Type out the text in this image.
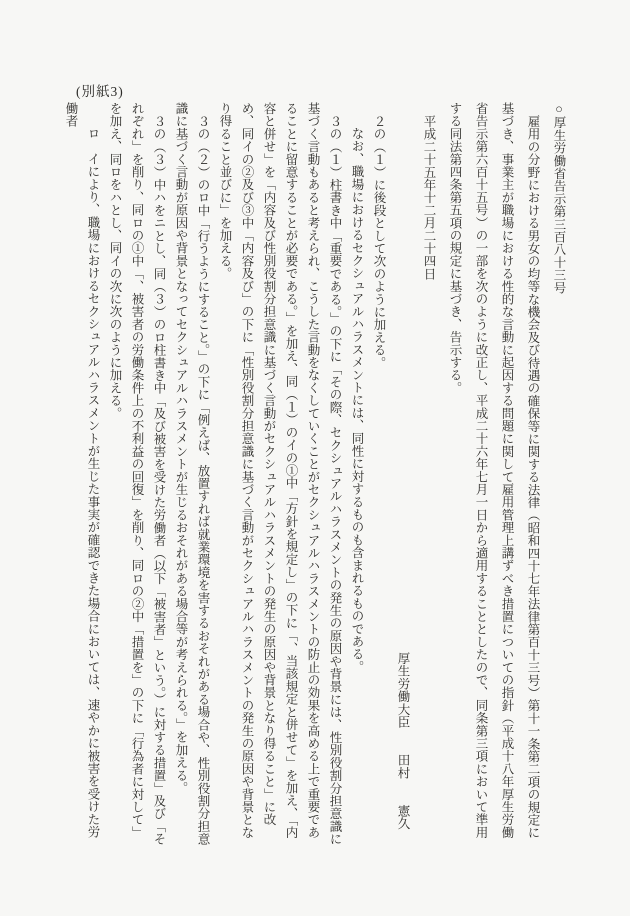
(別紙3)

○厚生労働省告示第三百八十三号

雇用の分野における男女の均等な機会及び待遇の確保等に関する法律（昭和四十七年法律第百十三号）第十一条第二項の規定に基づき、事業主が職場における性的な言動に起因する問題に関して雇用管理上講ずべき措置についての指針（平成十八年厚生労働省告示第六百十五号）の一部を次のように改正し、平成二十六年七月一日から適用することとしたので、同条第三項において準用する同法第四条第五項の規定に基づき、告示する。

平成二十五年十二月二十四日

厚生労働大臣　　田村　　憲久

２の（１）に後段として次のように加える。

なお、職場におけるセクシュアルハラスメントには、同性に対するものも含まれるものである。

３の（１）柱書き中「重要である。」の下に「その際、セクシュアルハラスメントの発生の原因や背景には、性別役割分担意識に基づく言動もあると考えられ、こうした言動をなくしていくことがセクシュアルハラスメントの防止の効果を高める上で重要であることに留意することが必要である。」を加え、同（１）のイの①中「方針を規定し」の下に「、当該規定と併せて」を加え、「内容と併せ」を「内容及び性別役割分担意識に基づく言動がセクシュアルハラスメントの発生の原因や背景となり得ること」に改め、同イの②及び③中「内容及び」の下に「性別役割分担意識に基づく言動がセクシュアルハラスメントの発生の原因や背景となり得ること並びに」を加える。

３の（２）のロ中「行うようにすること。」の下に「例えば、放置すれば就業環境を害するおそれがある場合や、性別役割分担意識に基づく言動が原因や背景となってセクシュアルハラスメントが生じるおそれがある場合等が考えられる。」を加える。

３の（３）中ハをニとし、同（３）のロ柱書き中「及び被害を受けた労働者（以下「被害者」という。）に対する措置」及び「それぞれ」を削り、同ロの①中「、被害者の労働条件上の不利益の回復」を削り、同ロの②中「措置を」の下に「行為者に対して」を加え、同ロをハとし、同イの次に次のように加える。

ロ　イにより、職場におけるセクシュアルハラスメントが生じた事実が確認できた場合においては、速やかに被害を受けた労働者
